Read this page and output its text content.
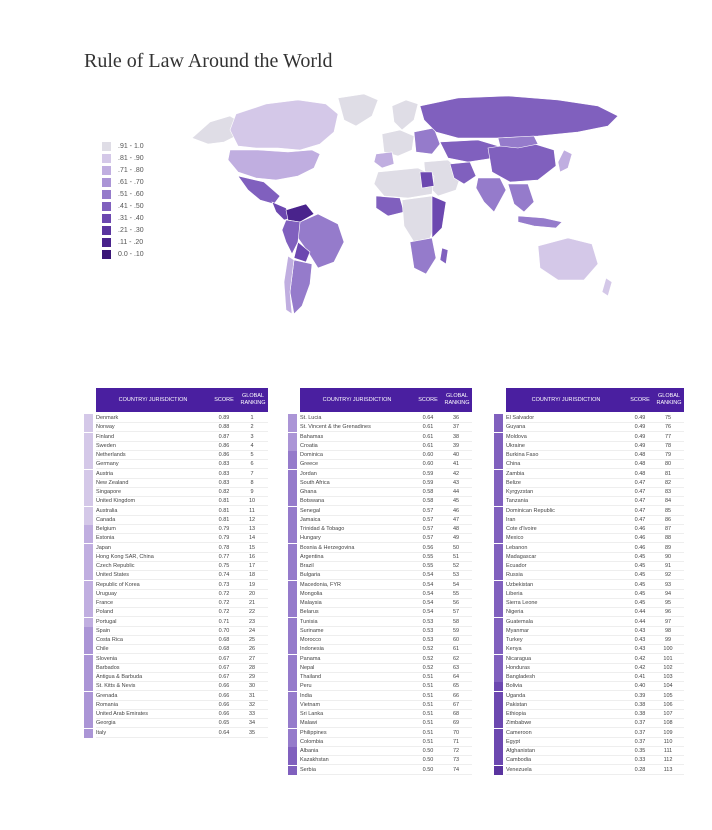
Rule of Law Around the World
.91 - 1.0
.81 - .90
.71 - .80
.61 - .70
.51 - .60
.41 - .50
.31 - .40
.21 - .30
.11 - .20
0.0 - .10
COUNTRY/ JURISDICTION	SCORE
GLOBAL RANKING
Denmark	0.89	1
Norway	0.88	2
Finland	0.87	3
Sweden	0.86	4
Netherlands	0.86	5
Germany	0.83	6
Austria	0.83	7
New Zealand	0.83	8
Singapore	0.82	9
United Kingdom	0.81	10
Australia	0.81	11
Canada	0.81	12
Belgium	0.79	13
Estonia	0.79	14
Japan	0.78	15
Hong Kong SAR, China	0.77	16
Czech Republic	0.75	17
United States	0.74	18
Republic of Korea	0.73	19
Uruguay	0.72	20
France	0.72	21
Poland	0.72	22
Portugal	0.71	23
Spain	0.70	24
Costa Rica	0.68	25
Chile	0.68	26
Slovenia	0.67	27
Barbados	0.67	28
Antigua & Barbuda	0.67	29
St. Kitts & Nevis	0.66	30
Grenada	0.66	31
Romania	0.66	32
United Arab Emirates	0.66	33
Georgia	0.65	34
Italy	0.64	35
COUNTRY/ JURISDICTION	SCORE
GLOBAL RANKING
St. Lucia	0.64	36
St. Vincent & the Grenadines	0.61	37
Bahamas	0.61	38
Croatia	0.61	39
Dominica	0.60	40
Greece	0.60	41
Jordan	0.59	42
South Africa	0.59	43
Ghana	0.58	44
Botswana	0.58	45
Senegal	0.57	46
Jamaica	0.57	47
Trinidad & Tobago	0.57	48
Hungary	0.57	49
Bosnia & Herzegovina	0.56	50
Argentina	0.55	51
Brazil	0.55	52
Bulgaria	0.54	53
Macedonia, FYR	0.54	54
Mongolia	0.54	55
Malaysia	0.54	56
Belarus	0.54	57
Tunisia	0.53	58
Suriname	0.53	59
Morocco	0.53	60
Indonesia	0.52	61
Panama	0.52	62
Nepal	0.52	63
Thailand	0.51	64
Peru	0.51	65
India	0.51	66
Vietnam	0.51	67
Sri Lanka	0.51	68
Malawi	0.51	69
Philippines	0.51	70
Colombia	0.51	71
Albania	0.50	72
Kazakhstan	0.50	73
Serbia	0.50	74
COUNTRY/ JURISDICTION	SCORE
GLOBAL RANKING
El Salvador	0.49	75
Guyana	0.49	76
Moldova	0.49	77
Ukraine	0.49	78
Burkina Faso	0.48	79
China	0.48	80
Zambia	0.48	81
Belize	0.47	82
Kyrgyzstan	0.47	83
Tanzania	0.47	84
Dominican Republic	0.47	85
Iran	0.47	86
Cote d'Ivoire	0.46	87
Mexico	0.46	88
Lebanon	0.46	89
Madagascar	0.45	90
Ecuador	0.45	91
Russia	0.45	92
Uzbekistan	0.45	93
Liberia	0.45	94
Sierra Leone	0.45	95
Nigeria	0.44	96
Guatemala	0.44	97
Myanmar	0.43	98
Turkey	0.43	99
Kenya	0.43	100
Nicaragua	0.42	101
Honduras	0.42	102
Bangladesh	0.41	103
Bolivia	0.40	104
Uganda	0.39	105
Pakistan	0.38	106
Ethiopia	0.38	107
Zimbabwe	0.37	108
Cameroon	0.37	109
Egypt	0.37	110
Afghanistan	0.35	111
Cambodia	0.33	112
Venezuela	0.28	113
